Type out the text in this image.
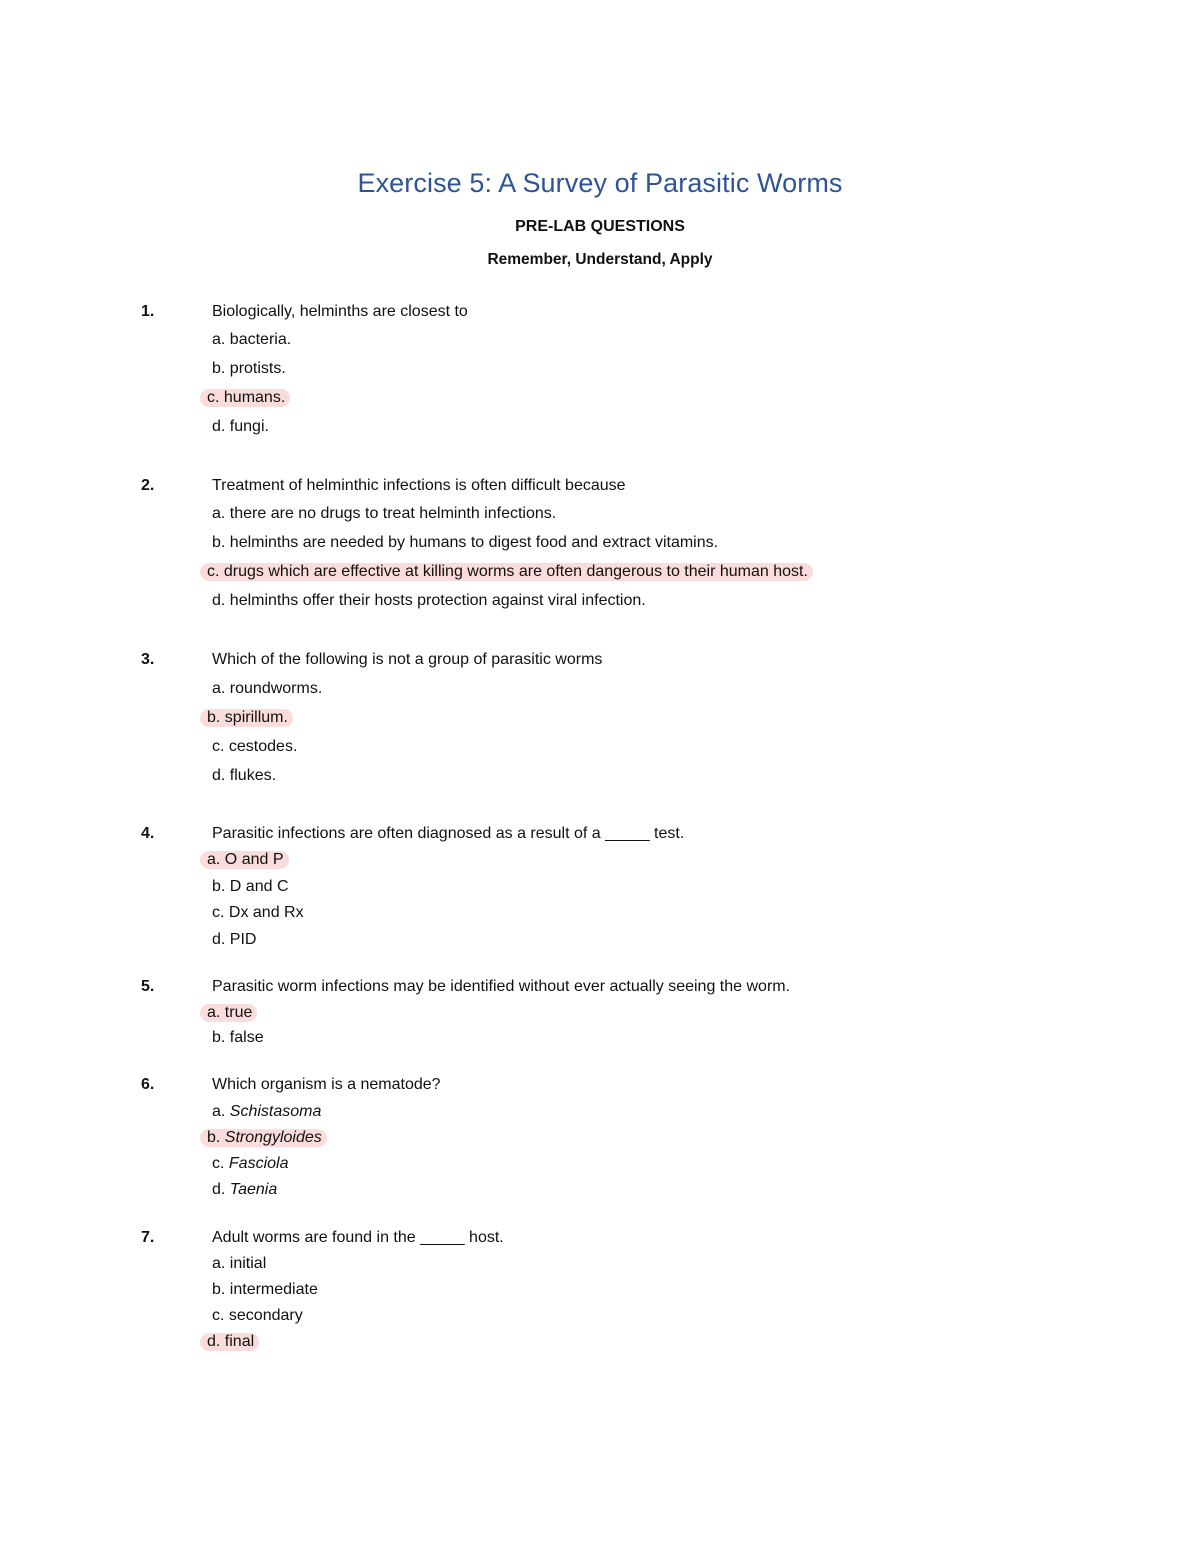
Exercise 5: A Survey of Parasitic Worms
PRE-LAB QUESTIONS
Remember, Understand, Apply
1.	Biologically, helminths are closest to
a. bacteria.
b. protists.
c. humans.
d. fungi.
2.	Treatment of helminthic infections is often difficult because
a. there are no drugs to treat helminth infections.
b. helminths are needed by humans to digest food and extract vitamins.
c. drugs which are effective at killing worms are often dangerous to their human host.
d. helminths offer their hosts protection against viral infection.
3.	Which of the following is not a group of parasitic worms
a. roundworms.
b. spirillum.
c. cestodes.
d. flukes.
4.	Parasitic infections are often diagnosed as a result of a _____ test.
a. O and P
b. D and C
c. Dx and Rx
d. PID
5.	Parasitic worm infections may be identified without ever actually seeing the worm.
a. true
b. false
6.	Which organism is a nematode?
a. Schistasoma
b. Strongyloides
c. Fasciola
d. Taenia
7.	Adult worms are found in the _____ host.
a. initial
b. intermediate
c. secondary
d. final
